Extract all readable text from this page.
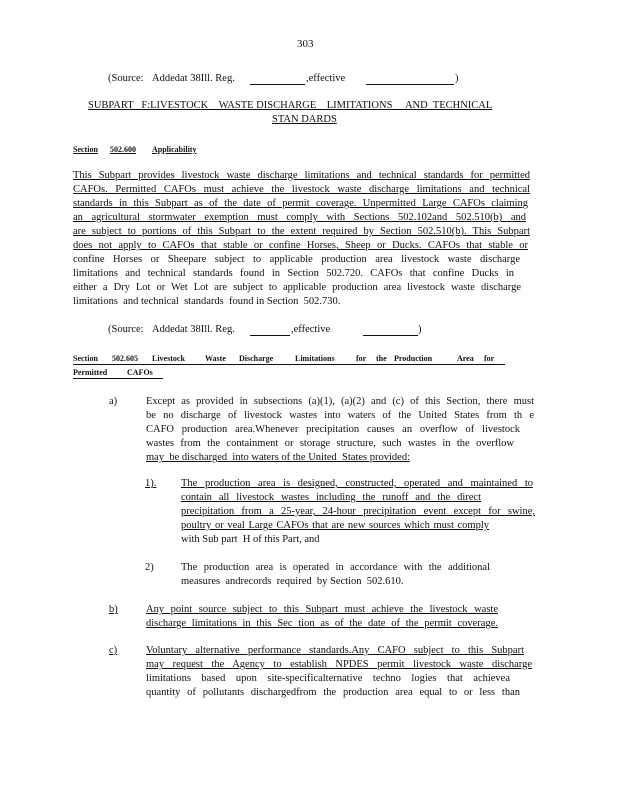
303
(Source: Addedat 38Ill. Reg.	,effective	)
SUBPART   F:LIVESTOCK    WASTE DISCHARGE    LIMITATIONS     AND  TECHNICAL
STAN DARDS
Section 502.600 Applicability
This Subpart provides livestock waste discharge limitations and technical standards for permitted
CAFOs. Permitted CAFOs must achieve the livestock waste discharge limitations and technical
standards in this Subpart as of the date of permit coverage. Unpermitted Large CAFOs claiming
an agricultural stormwater exemption must comply with Sections 502.102and 502.510(b) and
are subject to portions of this Subpart to the extent required by Section 502.510(b). This Subpart
does not apply to CAFOs that stable or confine Horses, Sheep or Ducks. CAFOs that stable or
confine Horses or Sheepare subject to applicable production area livestock waste discharge
limitations and technical standards found in Section 502.720. CAFOs that confine Ducks in
either a Dry Lot or Wet Lot are subject to applicable production area livestock waste discharge
limitations  and technical  standards  found in Section  502.730.
(Source: Addedat 38Ill. Reg.	,effective	)
Section 502.605 Livestock	Waste Discharge	Limitations	for the Production	Area for
Permitted CAFOs
a)	Except as provided in subsections (a)(1), (a)(2) and (c) of this Section, there must
be no discharge of livestock wastes into waters of the United States from th e
CAFO production area.Whenever precipitation causes an overflow of livestock
wastes from the containment or storage structure, such wastes in the overflow
may  be discharged  into waters of the United  States provided:
1). The production area is designed, constructed, operated and maintained to
contain all livestock wastes including the runoff and the direct
precipitation from a 25-year, 24-hour precipitation event except for swine,
poultry or veal Large CAFOs that are new sources which must comply
with Sub part  H of this Part, and
2)	The production area is operated in accordance with the additional
measures  andrecords  required  by Section  502.610.
b)	Any point source subject to this Subpart must achieve the livestock waste
discharge limitations in this Sec tion as of the date of the permit coverage.
c)	Voluntary alternative performance standards.Any CAFO subject to this Subpart
may request the Agency to establish NPDES permit livestock waste discharge
limitations based upon site-specificalternative techno logies that achievea
quantity of pollutants dischargedfrom the production area equal to or less than
